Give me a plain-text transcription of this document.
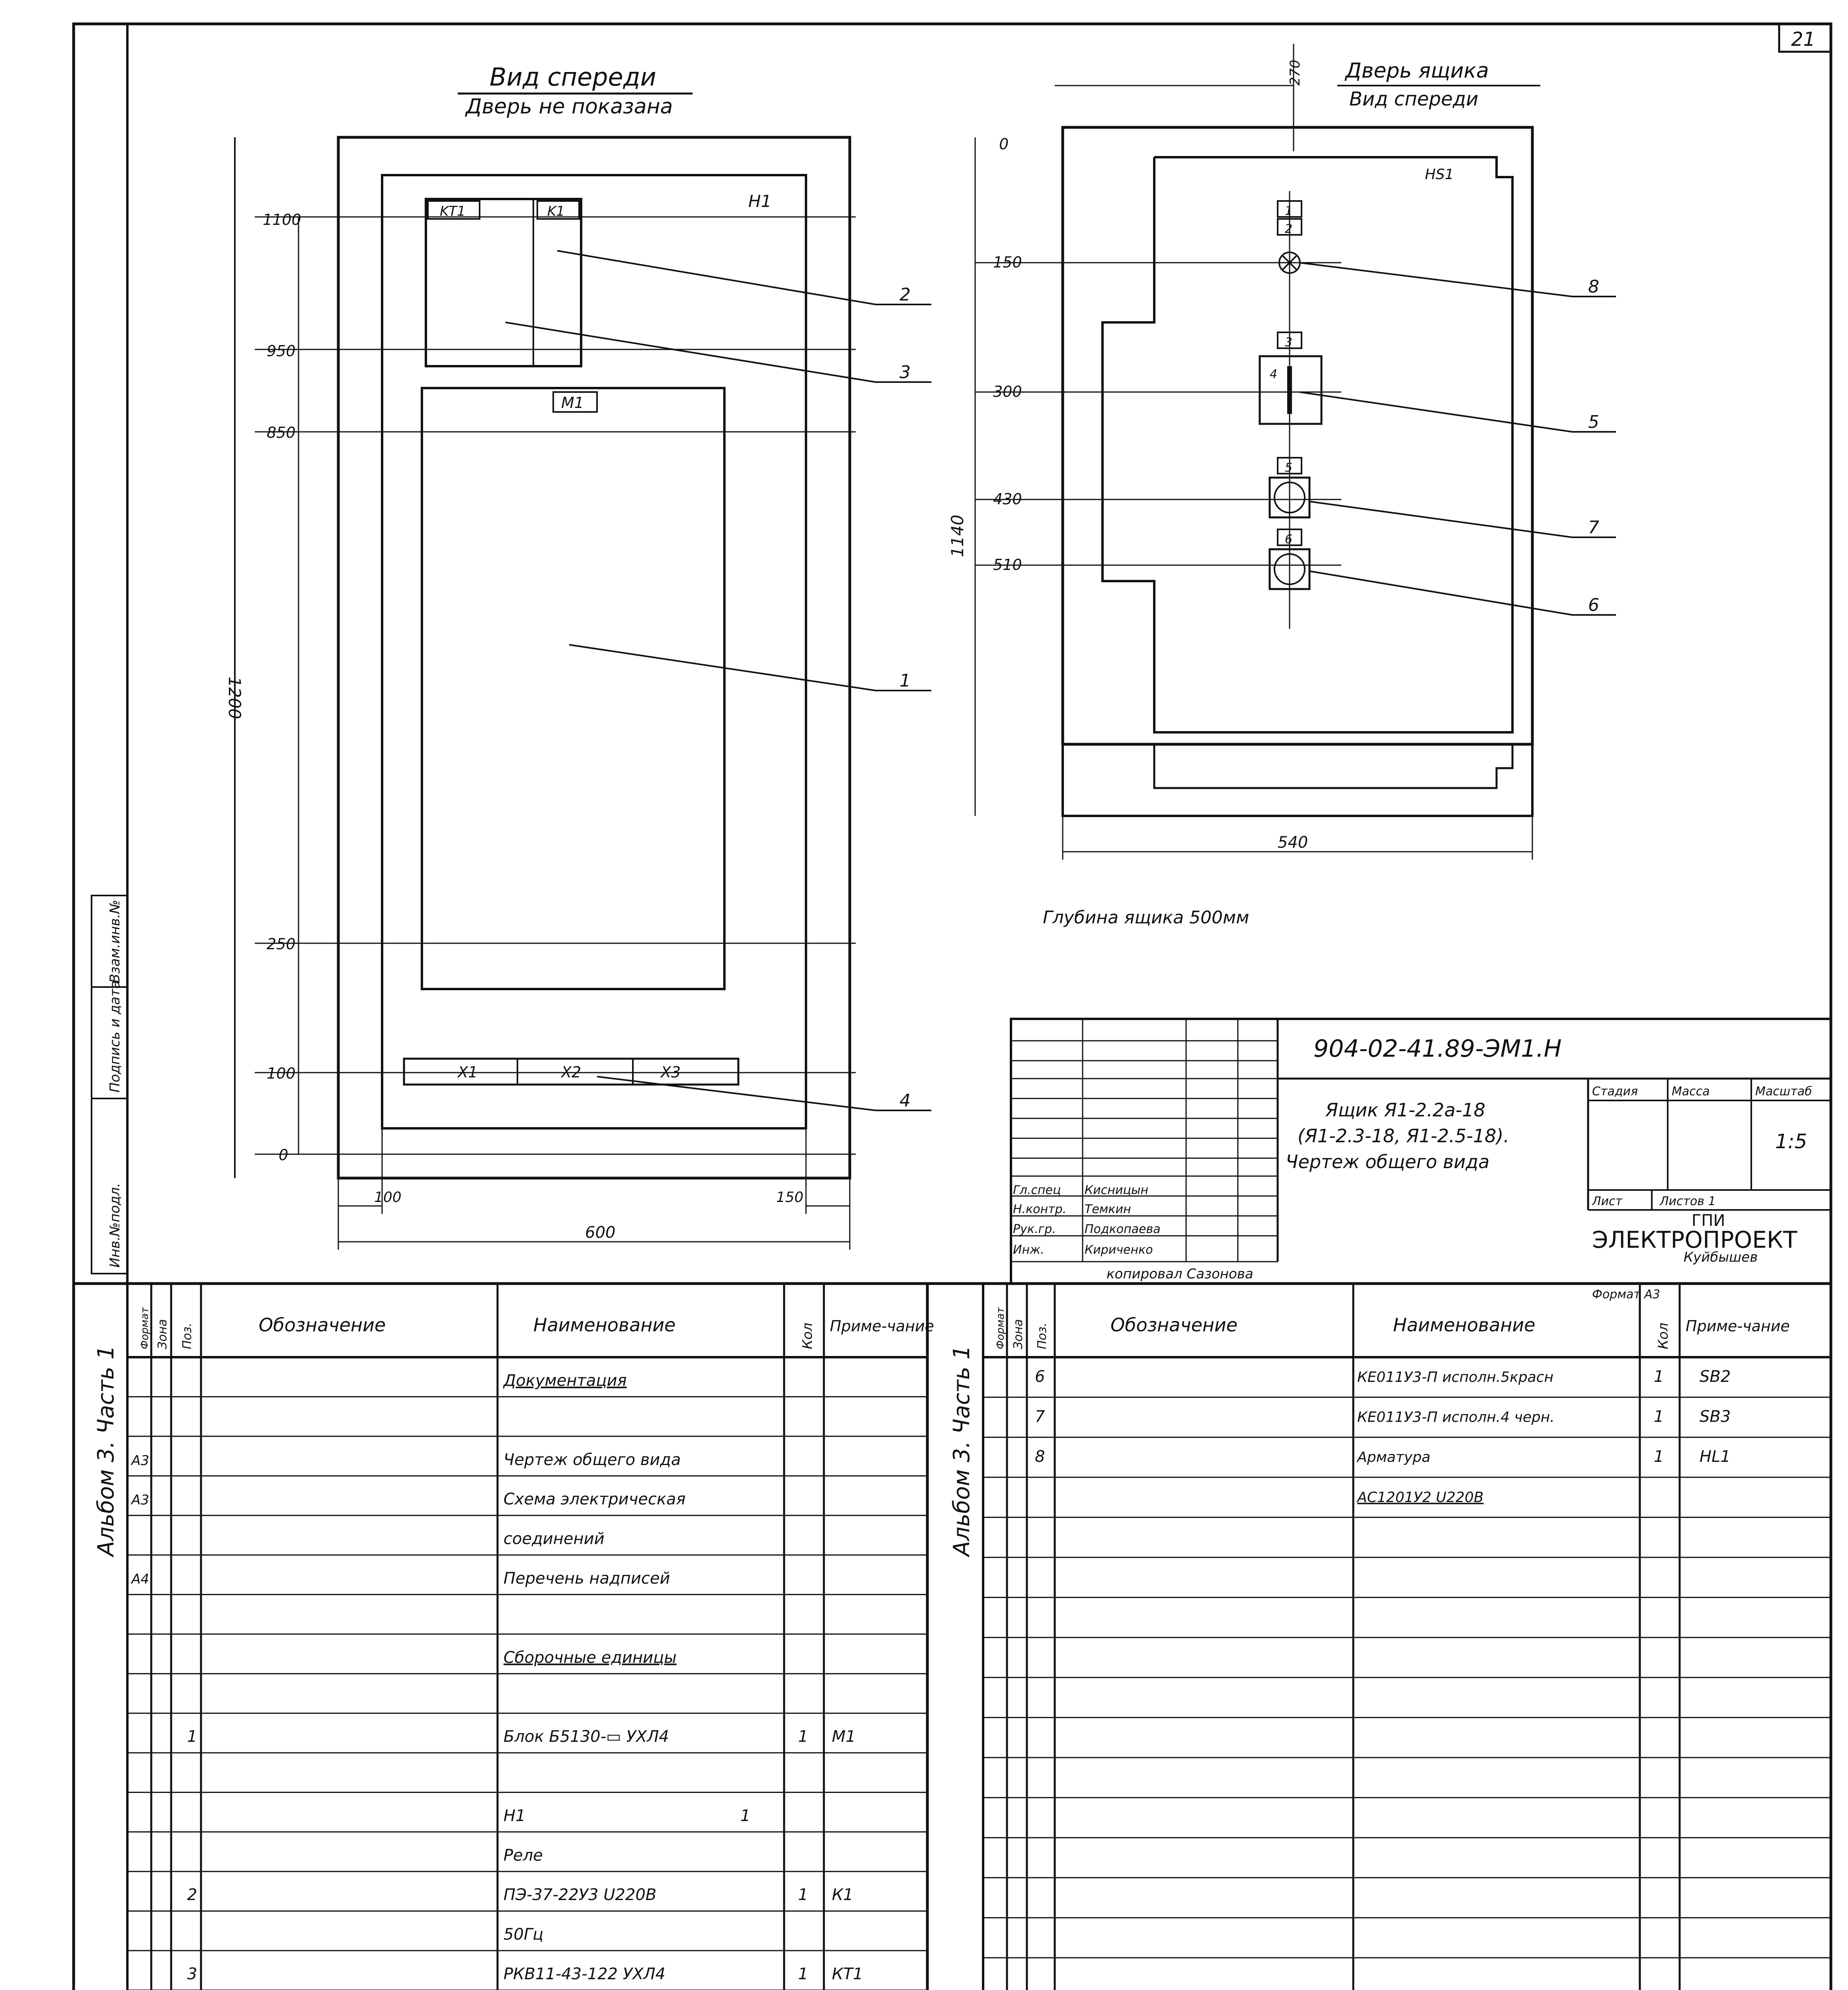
21
Взам.инв.№
Подпись и дата
Инв.№подл.
Вид спереди
Дверь не показана
H1
KT1	K1
M1
X1	X2	X3
1100
950
850
250
100
0
1200
100	150
600
2
3
1
4
Дверь ящика
Вид спереди
270
HS1
0
150
300
430
510
1140
1
2
3
4
5
6
8
5
7
6
540
Глубина ящика 500мм
904-02-41.89-ЭМ1.Н
Ящик Я1-2.2а-18
(Я1-2.3-18, Я1-2.5-18).
Чертеж общего вида
Стадия	Масса	Масштаб
1:5
Лист	Листов 1
ГПИ
ЭЛЕКТРОПРОЕКТ
Куйбышев
Гл.спец Кисницын
Н.контр. Темкин
Рук.гр. Подкопаева
Инж.	Кириченко
копировал Сазонова
Формат А3
Альбом 3. Часть 1
Формат Зона Поз.	Обозначение	Наименование	Кол Приме-чание
Документация
А3	Чертеж общего вида
А3	Схема электрическая
соединений
А4	Перечень надписей
Сборочные единицы
1	Блок Б5130-▭ УХЛ4	1 М1
H1	1
Реле
2	ПЭ-37-22У3 U220В	1 К1
50Гц
3	РКВ11-43-122 УХЛ4	1 КТ1
Альбом 3. Часть 1
Формат Зона Поз.	Обозначение	Наименование	Кол Приме-чание
6	КЕ011У3-П исполн.5красн	1 SB2
7	КЕ011У3-П исполн.4 черн.	1 SB3
8	Арматура	1 HL1
АС1201У2 U220В
